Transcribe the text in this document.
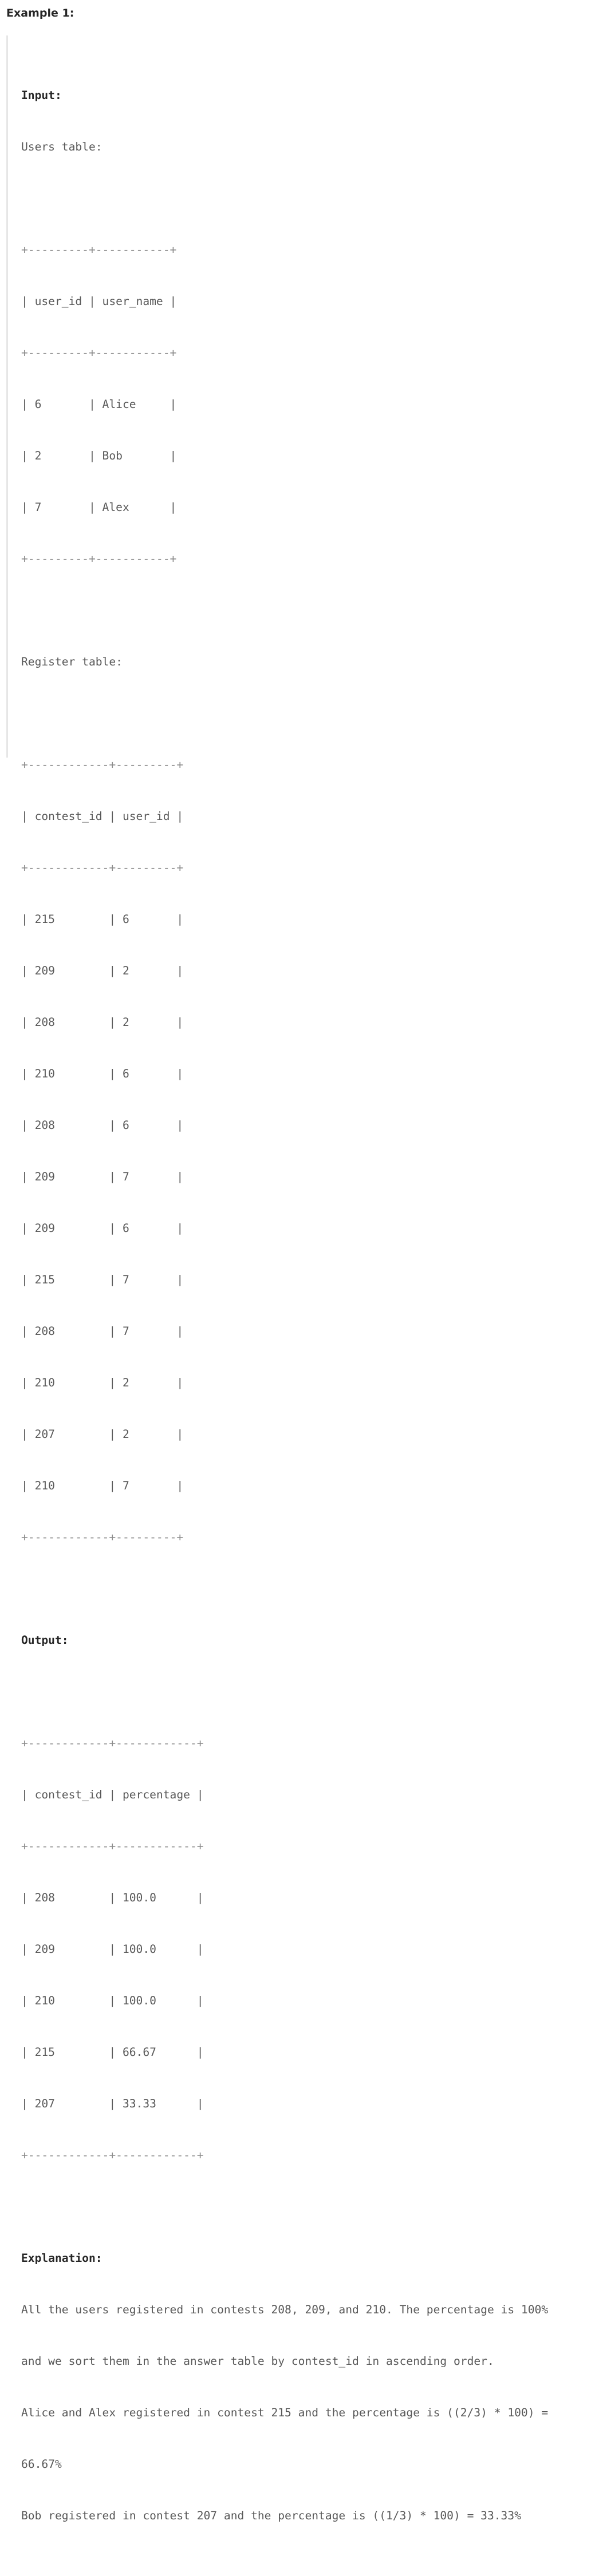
Example 1:

Input:

Users table:

+---------+-----------+

| user_id | user_name |

+---------+-----------+

| 6       | Alice     |

| 2       | Bob       |

| 7       | Alex      |

+---------+-----------+

Register table:

+------------+---------+

| contest_id | user_id |

+------------+---------+

| 215        | 6       |

| 209        | 2       |

| 208        | 2       |

| 210        | 6       |

| 208        | 6       |

| 209        | 7       |

| 209        | 6       |

| 215        | 7       |

| 208        | 7       |

| 210        | 2       |

| 207        | 2       |

| 210        | 7       |

+------------+---------+

Output:

+------------+------------+

| contest_id | percentage |

+------------+------------+

| 208        | 100.0      |

| 209        | 100.0      |

| 210        | 100.0      |

| 215        | 66.67      |

| 207        | 33.33      |

+------------+------------+

Explanation:

All the users registered in contests 208, 209, and 210. The percentage is 100%

and we sort them in the answer table by contest_id in ascending order.

Alice and Alex registered in contest 215 and the percentage is ((2/3) * 100) =

66.67%

Bob registered in contest 207 and the percentage is ((1/3) * 100) = 33.33%
